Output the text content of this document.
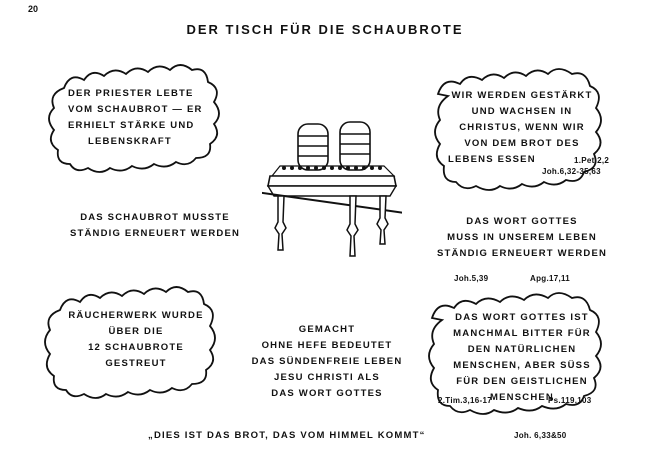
20
DER TISCH FÜR DIE SCHAUBROTE
DER PRIESTER LEBTE
VOM SCHAUBROT — ER
ERHIELT STÄRKE UND
LEBENSKRAFT
WIR WERDEN GESTÄRKT
UND WACHSEN IN
CHRISTUS, WENN WIR
VON DEM BROT DES
LEBENS ESSEN	1.Pet.2,2
Joh.6,32-35,63
DAS SCHAUBROT MUSSTE
STÄNDIG ERNEUERT WERDEN
DAS WORT GOTTES
MUSS IN UNSEREM LEBEN
STÄNDIG ERNEUERT WERDEN
Joh.5,39	Apg.17,11
RÄUCHERWERK WURDE
ÜBER DIE
12 SCHAUBROTE
GESTREUT
GEMACHT
OHNE HEFE BEDEUTET
DAS SÜNDENFREIE LEBEN
JESU CHRISTI ALS
DAS WORT GOTTES
DAS WORT GOTTES IST
MANCHMAL BITTER FÜR
DEN NATÜRLICHEN
MENSCHEN, ABER SÜSS
FÜR DEN GEISTLICHEN
MENSCHEN
2.Tim.3,16-17	Ps.119,103
„DIES IST DAS BROT, DAS VOM HIMMEL KOMMT“	Joh. 6,33&50
